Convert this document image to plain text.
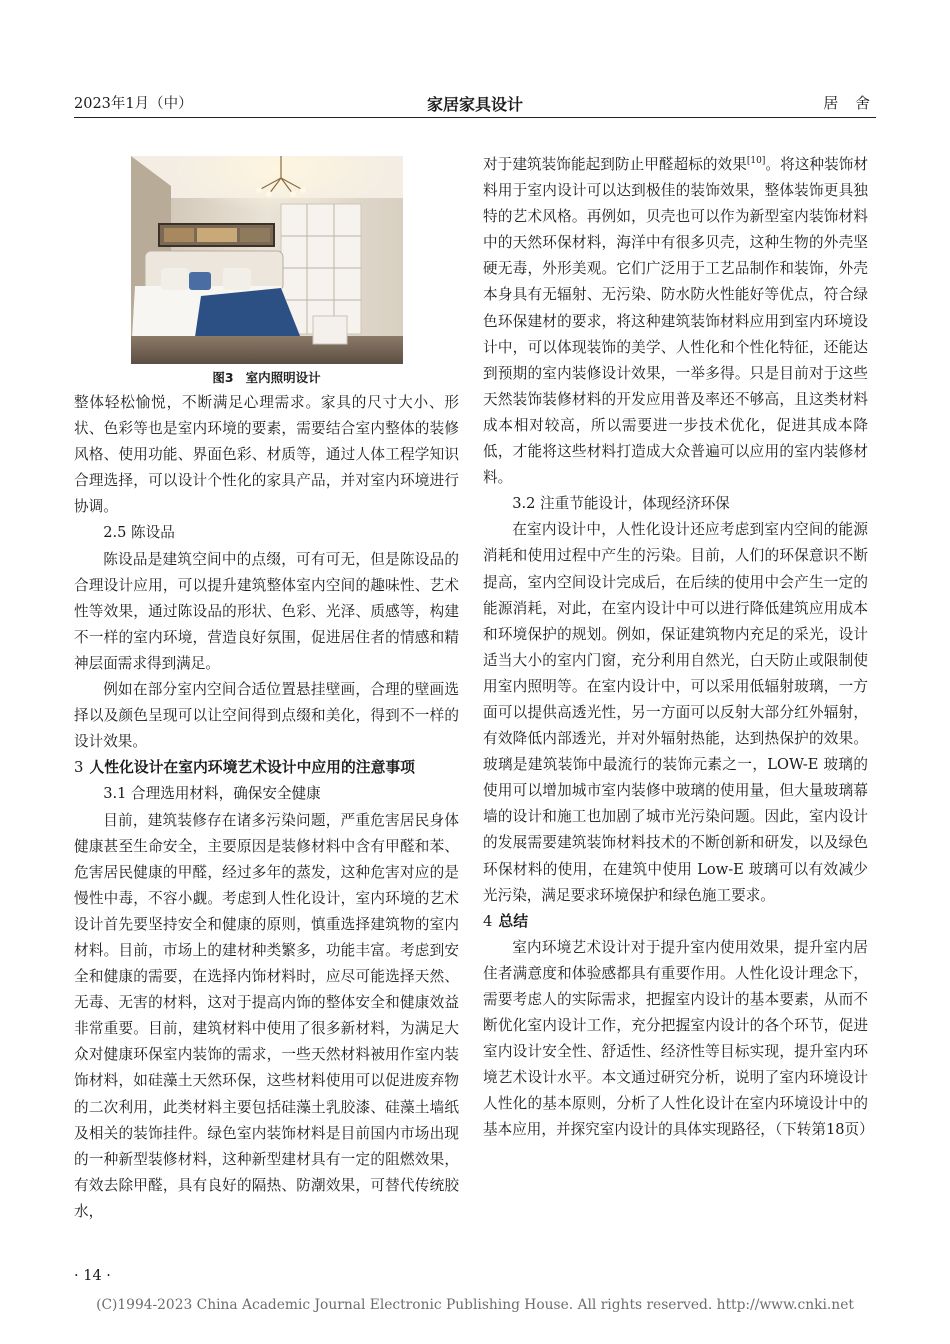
2023年1月（中）	家居家具设计	居 舍
图3 室内照明设计

整体轻松愉悦，不断满足心理需求。家具的尺寸大小、形状、色彩等也是室内环境的要素，需要结合室内整体的装修风格、使用功能、界面色彩、材质等，通过人体工程学知识合理选择，可以设计个性化的家具产品，并对室内环境进行协调。

2.5 陈设品

陈设品是建筑空间中的点缀，可有可无，但是陈设品的合理设计应用，可以提升建筑整体室内空间的趣味性、艺术性等效果，通过陈设品的形状、色彩、光泽、质感等，构建不一样的室内环境，营造良好氛围，促进居住者的情感和精神层面需求得到满足。

例如在部分室内空间合适位置悬挂壁画，合理的壁画选择以及颜色呈现可以让空间得到点缀和美化，得到不一样的设计效果。

3 人性化设计在室内环境艺术设计中应用的注意事项
3.1 合理选用材料，确保安全健康

目前，建筑装修存在诸多污染问题，严重危害居民身体健康甚至生命安全，主要原因是装修材料中含有甲醛和苯、危害居民健康的甲醛，经过多年的蒸发，这种危害对应的是慢性中毒，不容小觑。考虑到人性化设计，室内环境的艺术设计首先要坚持安全和健康的原则，慎重选择建筑物的室内材料。目前，市场上的建材种类繁多，功能丰富。考虑到安全和健康的需要，在选择内饰材料时，应尽可能选择天然、无毒、无害的材料，这对于提高内饰的整体安全和健康效益非常重要。目前，建筑材料中使用了很多新材料，为满足大众对健康环保室内装饰的需求，一些天然材料被用作室内装饰材料，如硅藻土天然环保，这些材料使用可以促进废弃物的二次利用，此类材料主要包括硅藻土乳胶漆、硅藻土墙纸及相关的装饰挂件。绿色室内装饰材料是目前国内市场出现的一种新型装修材料，这种新型建材具有一定的阻燃效果，有效去除甲醛，具有良好的隔热、防潮效果，可替代传统胶水，

对于建筑装饰能起到防止甲醛超标的效果[10]。将这种装饰材料用于室内设计可以达到极佳的装饰效果，整体装饰更具独特的艺术风格。再例如，贝壳也可以作为新型室内装饰材料中的天然环保材料，海洋中有很多贝壳，这种生物的外壳坚硬无毒，外形美观。它们广泛用于工艺品制作和装饰，外壳本身具有无辐射、无污染、防水防火性能好等优点，符合绿色环保建材的要求，将这种建筑装饰材料应用到室内环境设计中，可以体现装饰的美学、人性化和个性化特征，还能达到预期的室内装修设计效果，一举多得。只是目前对于这些天然装饰装修材料的开发应用普及率还不够高，且这类材料成本相对较高，所以需要进一步技术优化，促进其成本降低，才能将这些材料打造成大众普遍可以应用的室内装修材料。

3.2 注重节能设计，体现经济环保

在室内设计中，人性化设计还应考虑到室内空间的能源消耗和使用过程中产生的污染。目前，人们的环保意识不断提高，室内空间设计完成后，在后续的使用中会产生一定的能源消耗，对此，在室内设计中可以进行降低建筑应用成本和环境保护的规划。例如，保证建筑物内充足的采光，设计适当大小的室内门窗，充分利用自然光，白天防止或限制使用室内照明等。在室内设计中，可以采用低辐射玻璃，一方面可以提供高透光性，另一方面可以反射大部分红外辐射，有效降低内部透光，并对外辐射热能，达到热保护的效果。玻璃是建筑装饰中最流行的装饰元素之一，LOW-E 玻璃的使用可以增加城市室内装修中玻璃的使用量，但大量玻璃幕墙的设计和施工也加剧了城市光污染问题。因此，室内设计的发展需要建筑装饰材料技术的不断创新和研发，以及绿色环保材料的使用，在建筑中使用 Low-E 玻璃可以有效减少光污染，满足要求环境保护和绿色施工要求。

4 总结

室内环境艺术设计对于提升室内使用效果，提升室内居住者满意度和体验感都具有重要作用。人性化设计理念下，需要考虑人的实际需求，把握室内设计的基本要素，从而不断优化室内设计工作，充分把握室内设计的各个环节，促进室内设计安全性、舒适性、经济性等目标实现，提升室内环境艺术设计水平。本文通过研究分析，说明了室内环境设计人性化的基本原则，分析了人性化设计在室内环境设计中的基本应用，并探究室内设计的具体实现路径，（下转第18页）

· 14 ·
(C)1994-2023 China Academic Journal Electronic Publishing House. All rights reserved. http://www.cnki.net
